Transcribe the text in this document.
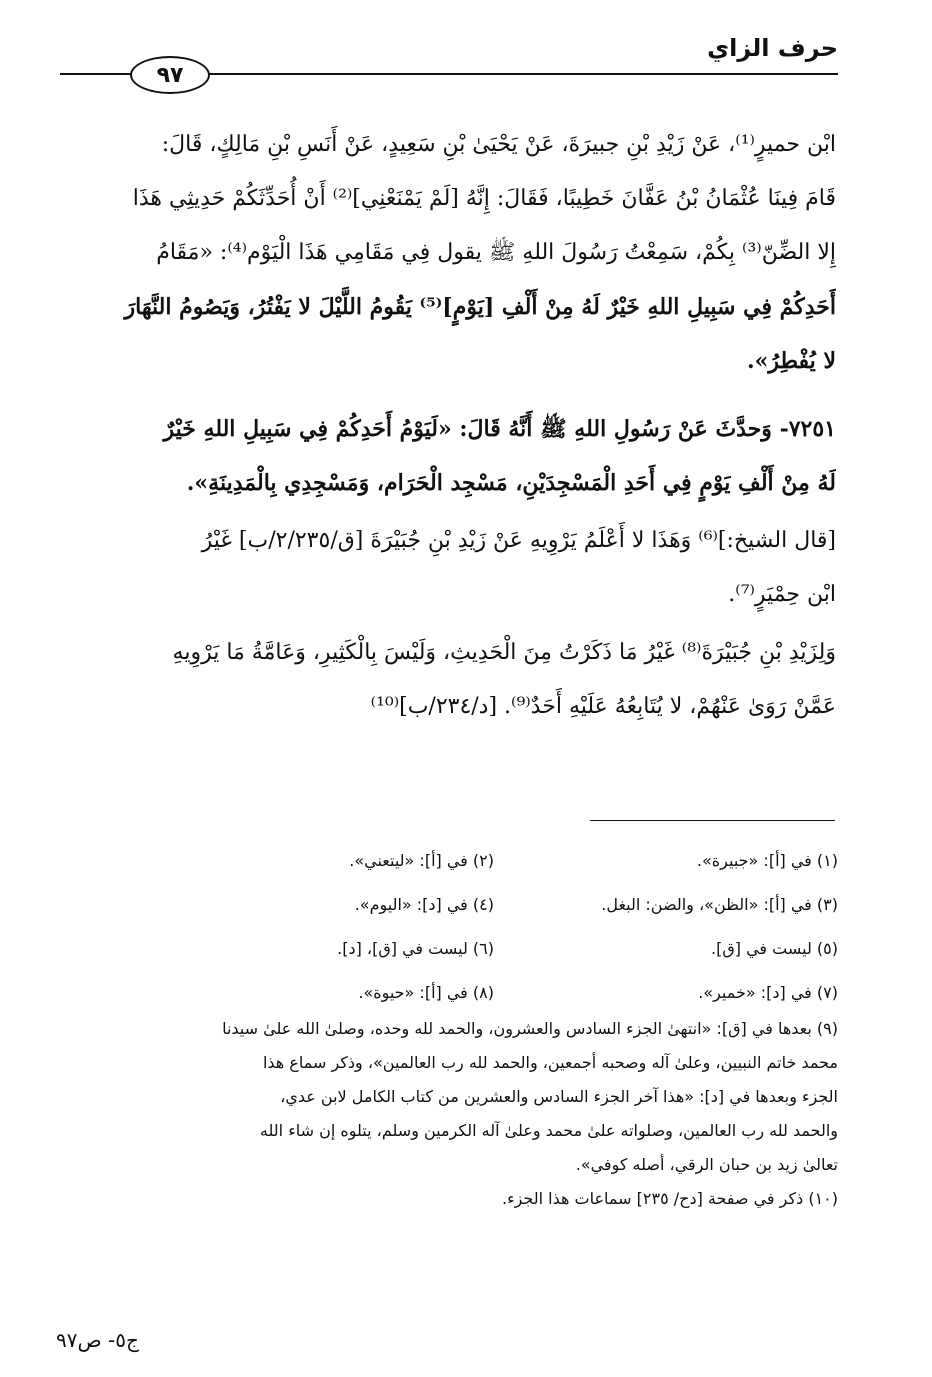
حرف الزاي
٩٧
ابْن حميرٍ⁽¹⁾، عَنْ زَيْدِ بْنِ جبيرَةَ، عَنْ يَحْيَىٰ بْنِ سَعِيدٍ، عَنْ أَنَسِ بْنِ مَالِكٍ، قَالَ:
قَامَ فِينَا عُثْمَانُ بْنُ عَفَّانَ خَطِيبًا، فَقَالَ: إِنَّهُ [لَمْ يَمْنَعْنِي]⁽²⁾ أَنْ أُحَدِّثَكُمْ حَدِيثِي هَذَا
إِلا الضِّنّ⁽³⁾ بِكُمْ، سَمِعْتُ رَسُولَ اللهِ ﷺ يقول فِي مَقَامِي هَذَا الْيَوْم⁽⁴⁾: «مَقَامُ
أَحَدِكُمْ فِي سَبِيلِ اللهِ خَيْرٌ لَهُ مِنْ أَلْفِ [يَوْمٍ]⁽⁵⁾ يَقُومُ اللَّيْلَ لا يَفْتُرُ، وَيَصُومُ النَّهَارَ
لا يُفْطِرُ».
٧٢٥١- وَحدَّثَ عَنْ رَسُولِ اللهِ ﷺ أَنَّهُ قَالَ: «لَيَوْمُ أَحَدِكُمْ فِي سَبِيلِ اللهِ خَيْرٌ
لَهُ مِنْ أَلْفِ يَوْمٍ فِي أَحَدِ الْمَسْجِدَيْنِ، مَسْجِد الْحَرَام، وَمَسْجِدِي بِالْمَدِينَةِ».
[قال الشيخ:]⁽⁶⁾ وَهَذَا لا أَعْلَمُ يَرْوِيهِ عَنْ زَيْدِ بْنِ جُبَيْرَةَ [ق/٢/٢٣٥/ب] غَيْرُ
ابْن حِمْيَرٍ⁽⁷⁾.
وَلِزَيْدِ بْنِ جُبَيْرَةَ⁽⁸⁾ غَيْرُ مَا ذَكَرْتُ مِنَ الْحَدِيثِ، وَلَيْسَ بِالْكَثِيرِ، وَعَامَّةُ مَا يَرْوِيهِ
عَمَّنْ رَوَىٰ عَنْهُمْ، لا يُتَابِعُهُ عَلَيْهِ أَحَدٌ⁽⁹⁾. [د/٢٣٤/ب]⁽¹⁰⁾
(١) في [أ]: «جبيرة».
(٢) في [أ]: «ليتعني».
(٣) في [أ]: «الظن»، والضن: البغل.
(٤) في [د]: «اليوم».
(٥) ليست في [ق].
(٦) ليست في [ق]، [د].
(٧) في [د]: «خمير».
(٨) في [أ]: «حيوة».
(٩) بعدها في [ق]: «انتهىٰ الجزء السادس والعشرون، والحمد لله وحده، وصلىٰ الله علىٰ سيدنا
محمد خاتم النبيين، وعلىٰ آله وصحبه أجمعين، والحمد لله رب العالمين»، وذكر سماع هذا
الجزء وبعدها في [د]: «هذا آخر الجزء السادس والعشرين من كتاب الكامل لابن عدي،
والحمد لله رب العالمين، وصلواته علىٰ محمد وعلىٰ آله الكرمين وسلم، يتلوه إن شاء الله
تعالىٰ زيد بن حبان الرقي، أصله كوفي».
(١٠) ذكر في صفحة [دح/ ٢٣٥] سماعات هذا الجزء.
ج٥- ص٩٧
